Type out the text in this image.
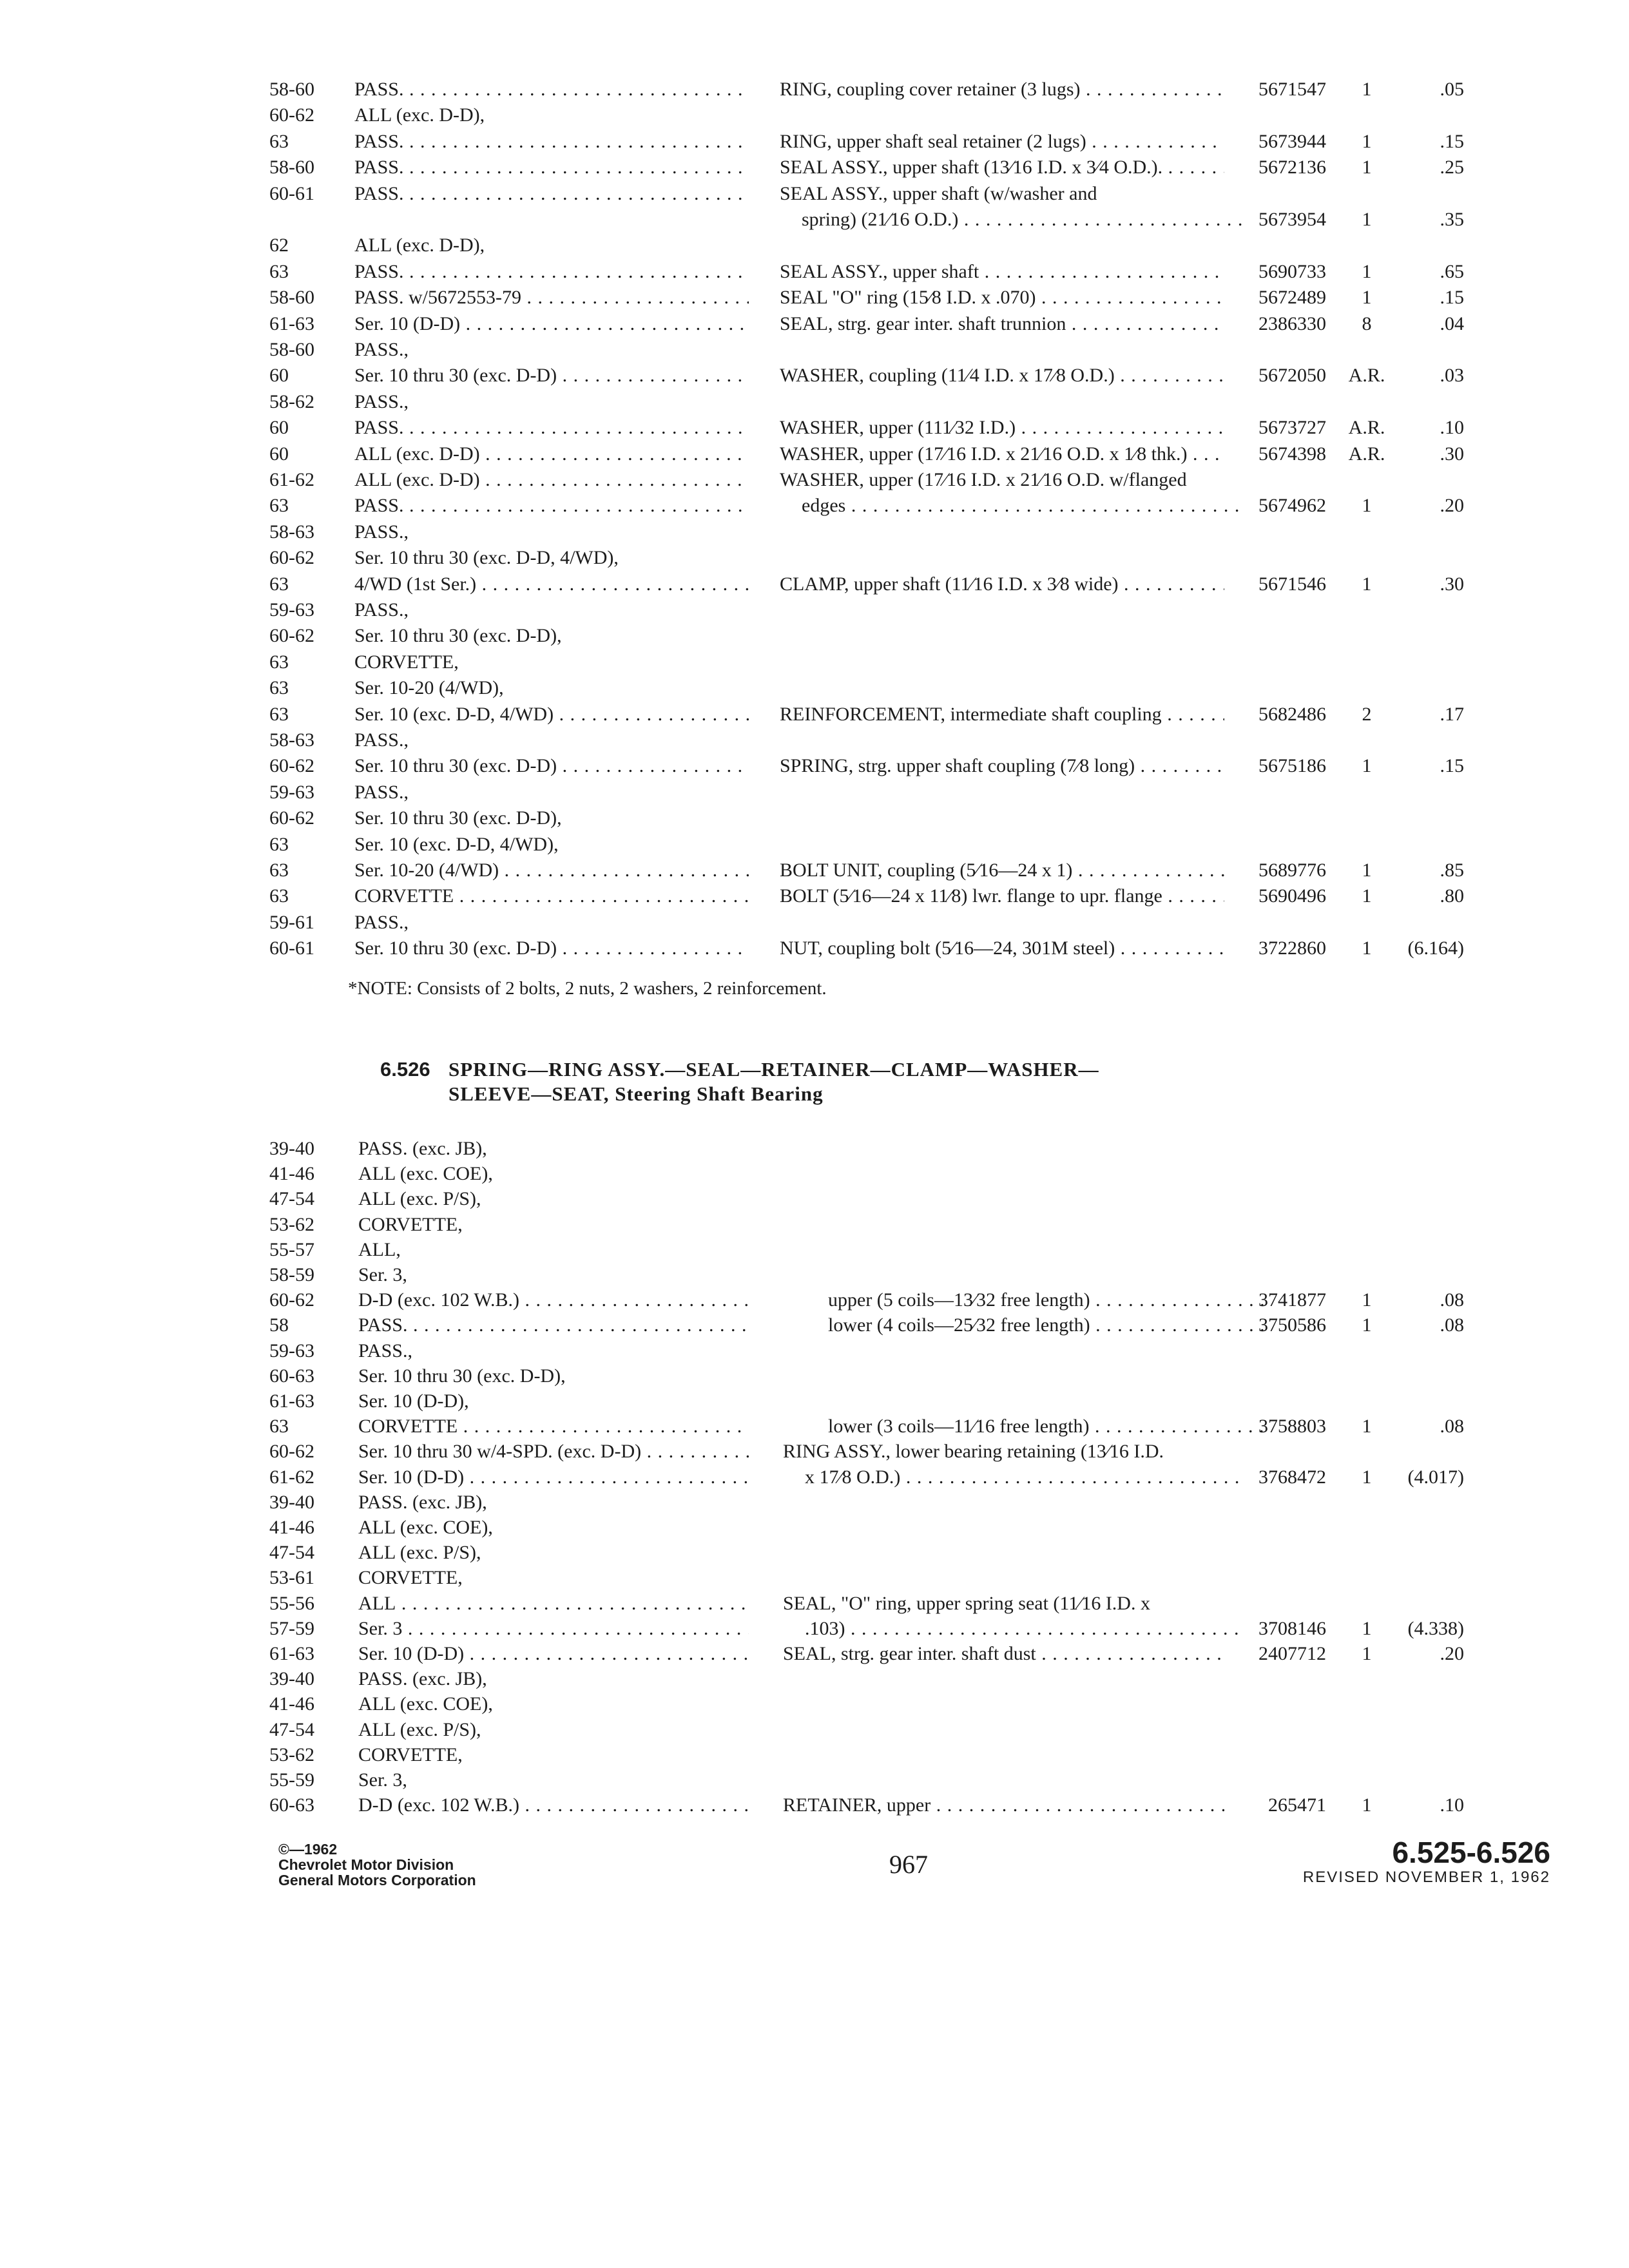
58-60	PASS. . . .	RING, coupling cover retainer (3 lugs) . . .	5671547	1	.05
60-62	ALL (exc. D-D),
63	PASS. . . .	RING, upper shaft seal retainer (2 lugs) . . .	5673944	1	.15
58-60	PASS. . . .	SEAL ASSY., upper shaft (13⁄16 I.D. x 3⁄4 O.D.). . . .	5672136	1	.25
60-61	PASS. . . .	SEAL ASSY., upper shaft (w/washer and
spring) (21⁄16 O.D.) . . .	5673954	1	.35
62	ALL (exc. D-D),
63	PASS. . . .	SEAL ASSY., upper shaft . . .	5690733	1	.65
58-60	PASS. w/5672553-79 . . .	SEAL "O" ring (15⁄8 I.D. x .070) . . .	5672489	1	.15
61-63	Ser. 10 (D-D) . . .	SEAL, strg. gear inter. shaft trunnion . . .	2386330	8	.04
58-60	PASS.,
60	Ser. 10 thru 30 (exc. D-D) . . .	WASHER, coupling (11⁄4 I.D. x 17⁄8 O.D.) . . .	5672050	A.R.	.03
58-62	PASS.,
60	PASS. . . .	WASHER, upper (111⁄32 I.D.) . . .	5673727	A.R.	.10
60	ALL (exc. D-D) . . .	WASHER, upper (17⁄16 I.D. x 21⁄16 O.D. x 1⁄8 thk.) . . .	5674398	A.R.	.30
61-62	ALL (exc. D-D) . . .	WASHER, upper (17⁄16 I.D. x 21⁄16 O.D. w/flanged
63	PASS. . . .	edges . . .	5674962	1	.20
58-63	PASS.,
60-62	Ser. 10 thru 30 (exc. D-D, 4/WD),
63	4/WD (1st Ser.) . . .	CLAMP, upper shaft (11⁄16 I.D. x 3⁄8 wide) . . .	5671546	1	.30
59-63	PASS.,
60-62	Ser. 10 thru 30 (exc. D-D),
63	CORVETTE,
63	Ser. 10-20 (4/WD),
63	Ser. 10 (exc. D-D, 4/WD) . . .	REINFORCEMENT, intermediate shaft coupling . . .	5682486	2	.17
58-63	PASS.,
60-62	Ser. 10 thru 30 (exc. D-D) . . .	SPRING, strg. upper shaft coupling (7⁄8 long) . . .	5675186	1	.15
59-63	PASS.,
60-62	Ser. 10 thru 30 (exc. D-D),
63	Ser. 10 (exc. D-D, 4/WD),
63	Ser. 10-20 (4/WD) . . .	BOLT UNIT, coupling (5⁄16—24 x 1) . . .	5689776	1	.85
63	CORVETTE . . .	BOLT (5⁄16—24 x 11⁄8) lwr. flange to upr. flange . . .	5690496	1	.80
59-61	PASS.,
60-61	Ser. 10 thru 30 (exc. D-D) . . .	NUT, coupling bolt (5⁄16—24, 301M steel) . . .	3722860	1	(6.164)
*NOTE: Consists of 2 bolts, 2 nuts, 2 washers, 2 reinforcement.
6.526 SPRING—RING ASSY.—SEAL—RETAINER—CLAMP—WASHER—
SLEEVE—SEAT, Steering Shaft Bearing
39-40	PASS. (exc. JB),
41-46	ALL (exc. COE),
47-54	ALL (exc. P/S),
53-62	CORVETTE,
55-57	ALL,
58-59	Ser. 3,
60-62	D-D (exc. 102 W.B.) . . .	upper (5 coils—13⁄32 free length) . . .	3741877	1	.08
58	PASS. . . .	lower (4 coils—25⁄32 free length) . . .	3750586	1	.08
59-63	PASS.,
60-63	Ser. 10 thru 30 (exc. D-D),
61-63	Ser. 10 (D-D),
63	CORVETTE . . .	lower (3 coils—11⁄16 free length) . . .	3758803	1	.08
60-62	Ser. 10 thru 30 w/4-SPD. (exc. D-D) . . .	RING ASSY., lower bearing retaining (13⁄16 I.D.
61-62	Ser. 10 (D-D) . . .	x 17⁄8 O.D.) . . .	3768472	1	(4.017)
39-40	PASS. (exc. JB),
41-46	ALL (exc. COE),
47-54	ALL (exc. P/S),
53-61	CORVETTE,
55-56	ALL . . .	SEAL, "O" ring, upper spring seat (11⁄16 I.D. x
57-59	Ser. 3 . . .	.103) . . .	3708146	1	(4.338)
61-63	Ser. 10 (D-D) . . .	SEAL, strg. gear inter. shaft dust . . .	2407712	1	.20
39-40	PASS. (exc. JB),
41-46	ALL (exc. COE),
47-54	ALL (exc. P/S),
53-62	CORVETTE,
55-59	Ser. 3,
60-63	D-D (exc. 102 W.B.) . . .	RETAINER, upper . . .	265471	1	.10
©—1962
Chevrolet Motor Division
General Motors Corporation
967	6.525-6.526
REVISED NOVEMBER 1, 1962
